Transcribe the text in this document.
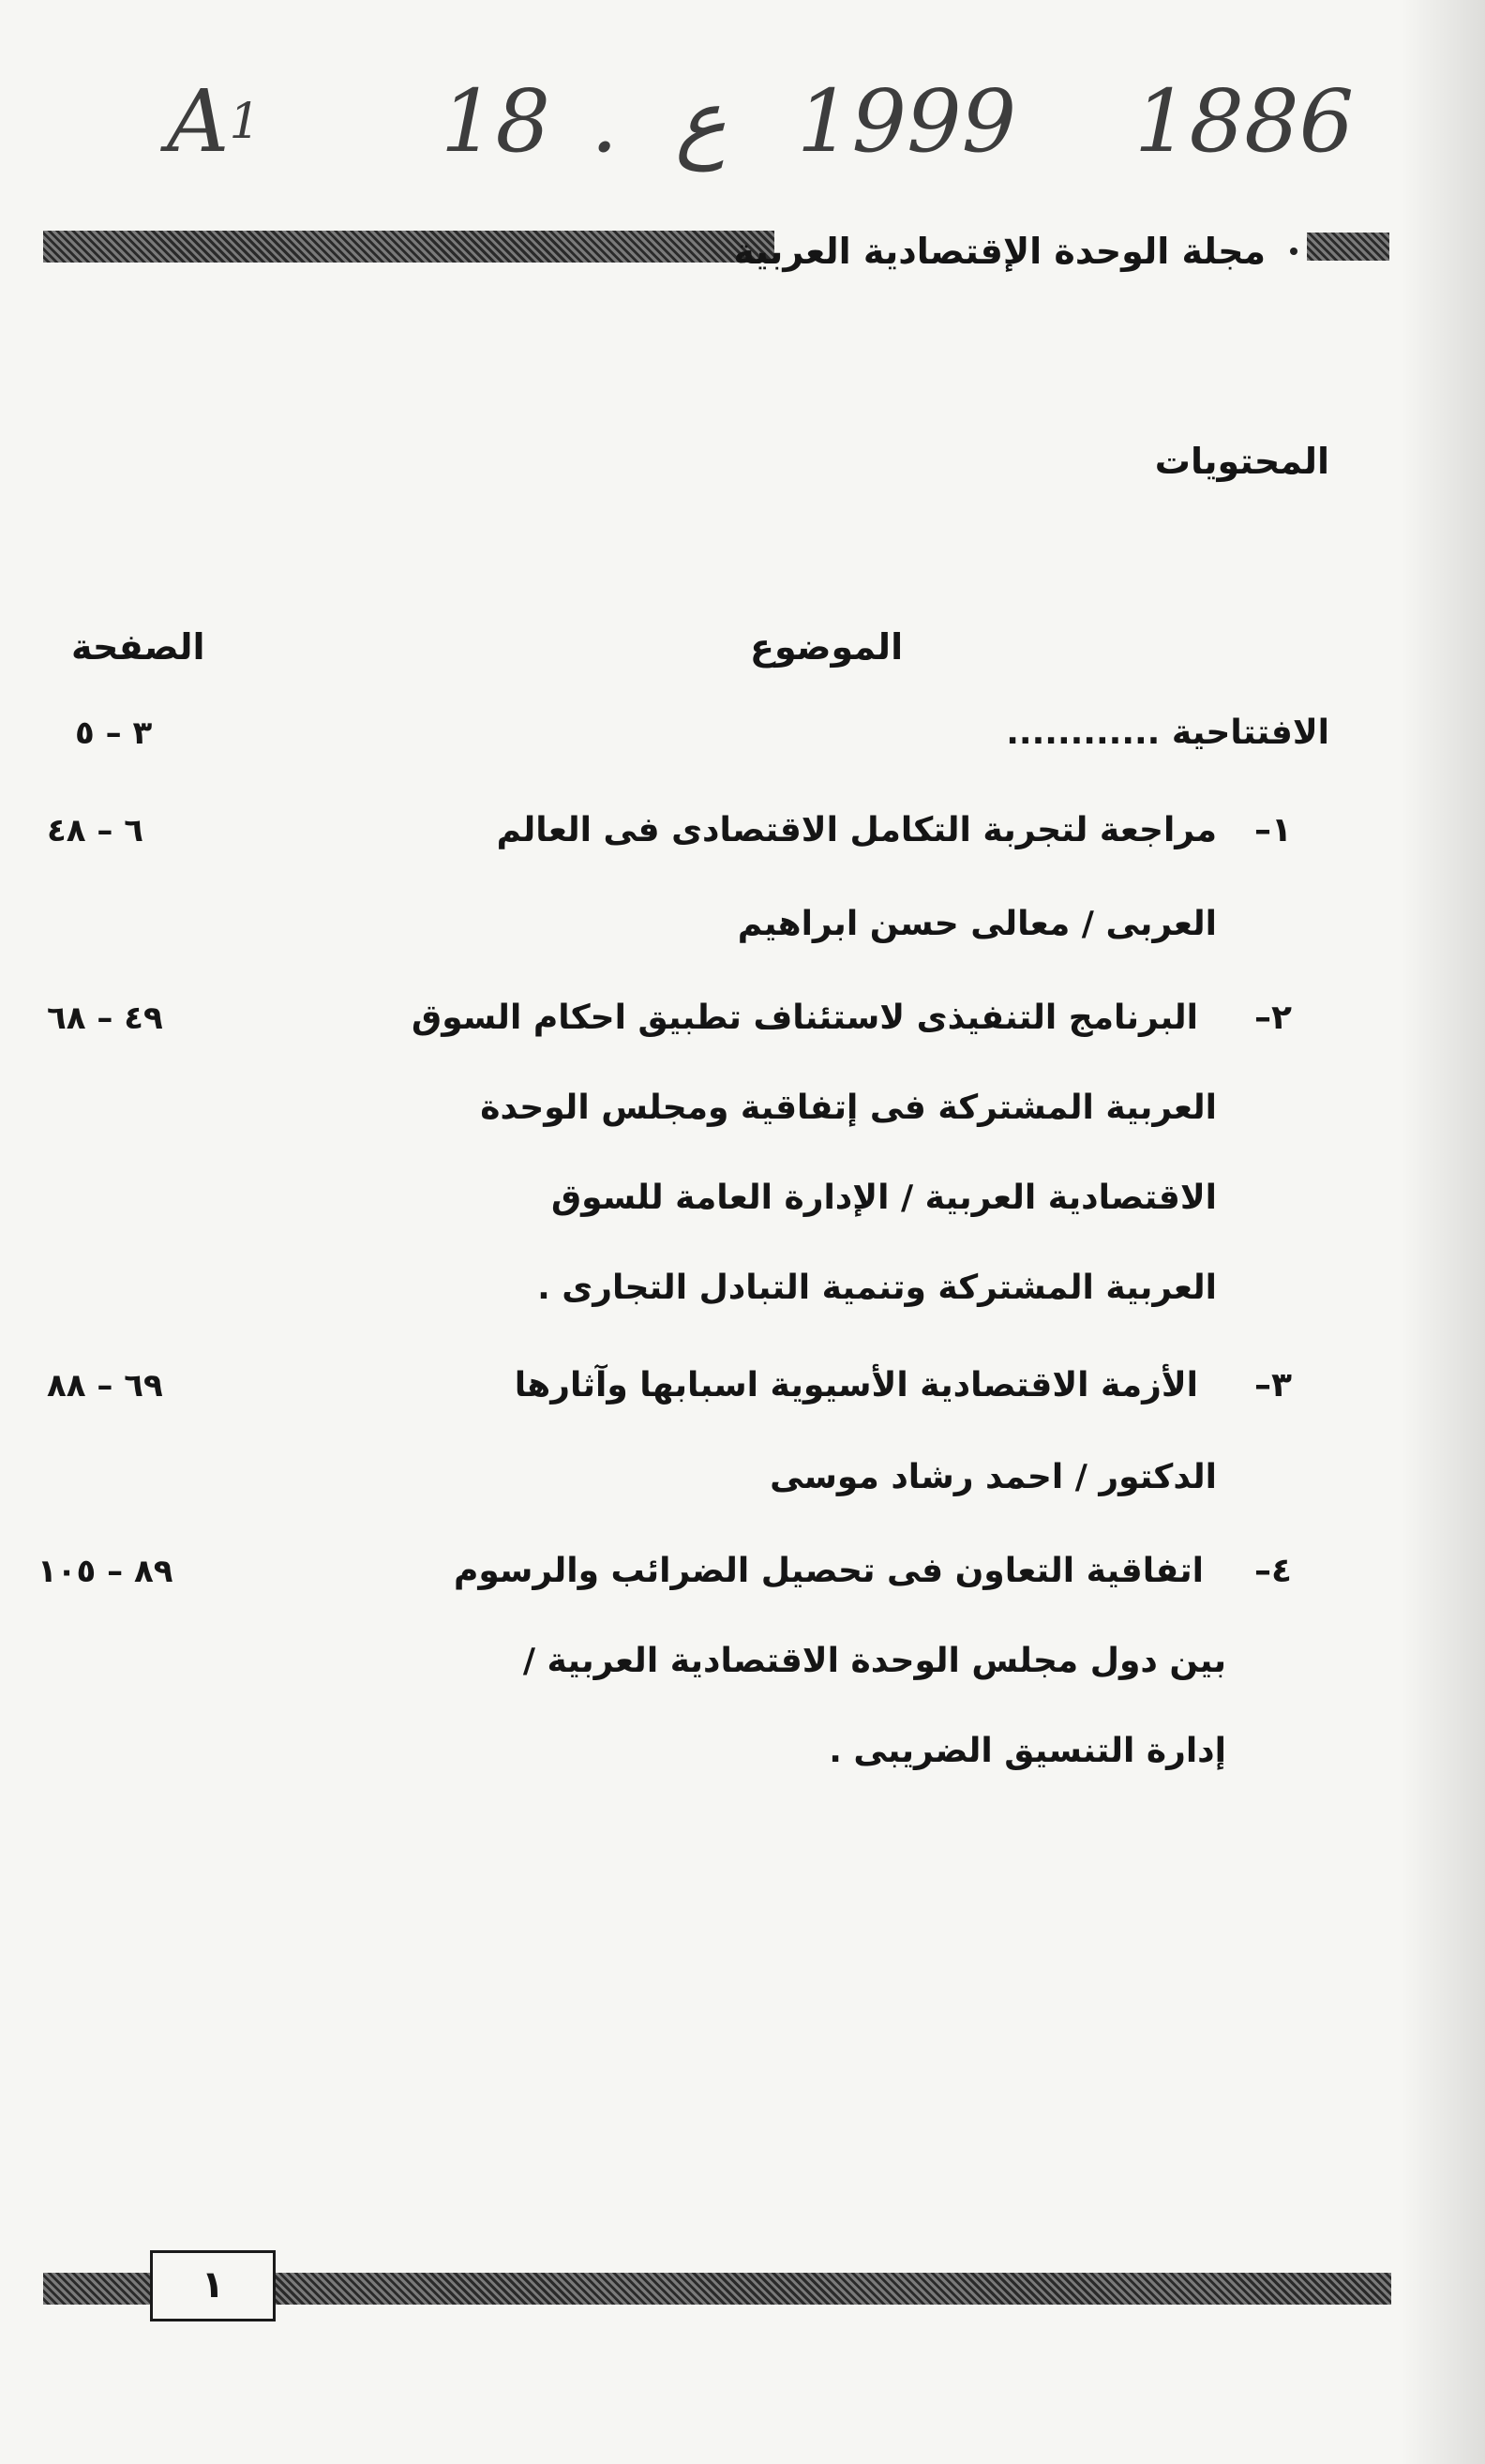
$A^1$ 18 . ع 1999 1886
مجلة الوحدة الإقتصادية العربية
المحتويات
الموضوع
الصفحة
الافتتاحية ............
٣ – ٥
١–
مراجعة لتجربة التكامل الاقتصادى فى العالم
العربى / معالى حسن ابراهيم
٦ – ٤٨
٢–
البرنامج التنفيذى لاستئناف تطبيق احكام السوق
العربية المشتركة فى إتفاقية ومجلس الوحدة
الاقتصادية العربية / الإدارة العامة للسوق
العربية المشتركة وتنمية التبادل التجارى .
٤٩ – ٦٨
٣–
الأزمة الاقتصادية الأسيوية اسبابها وآثارها
الدكتور / احمد رشاد موسى
٦٩ – ٨٨
٤–
اتفاقية التعاون فى تحصيل الضرائب والرسوم
بين دول مجلس الوحدة الاقتصادية العربية /
إدارة التنسيق الضريبى .
٨٩ – ١٠٥
١
